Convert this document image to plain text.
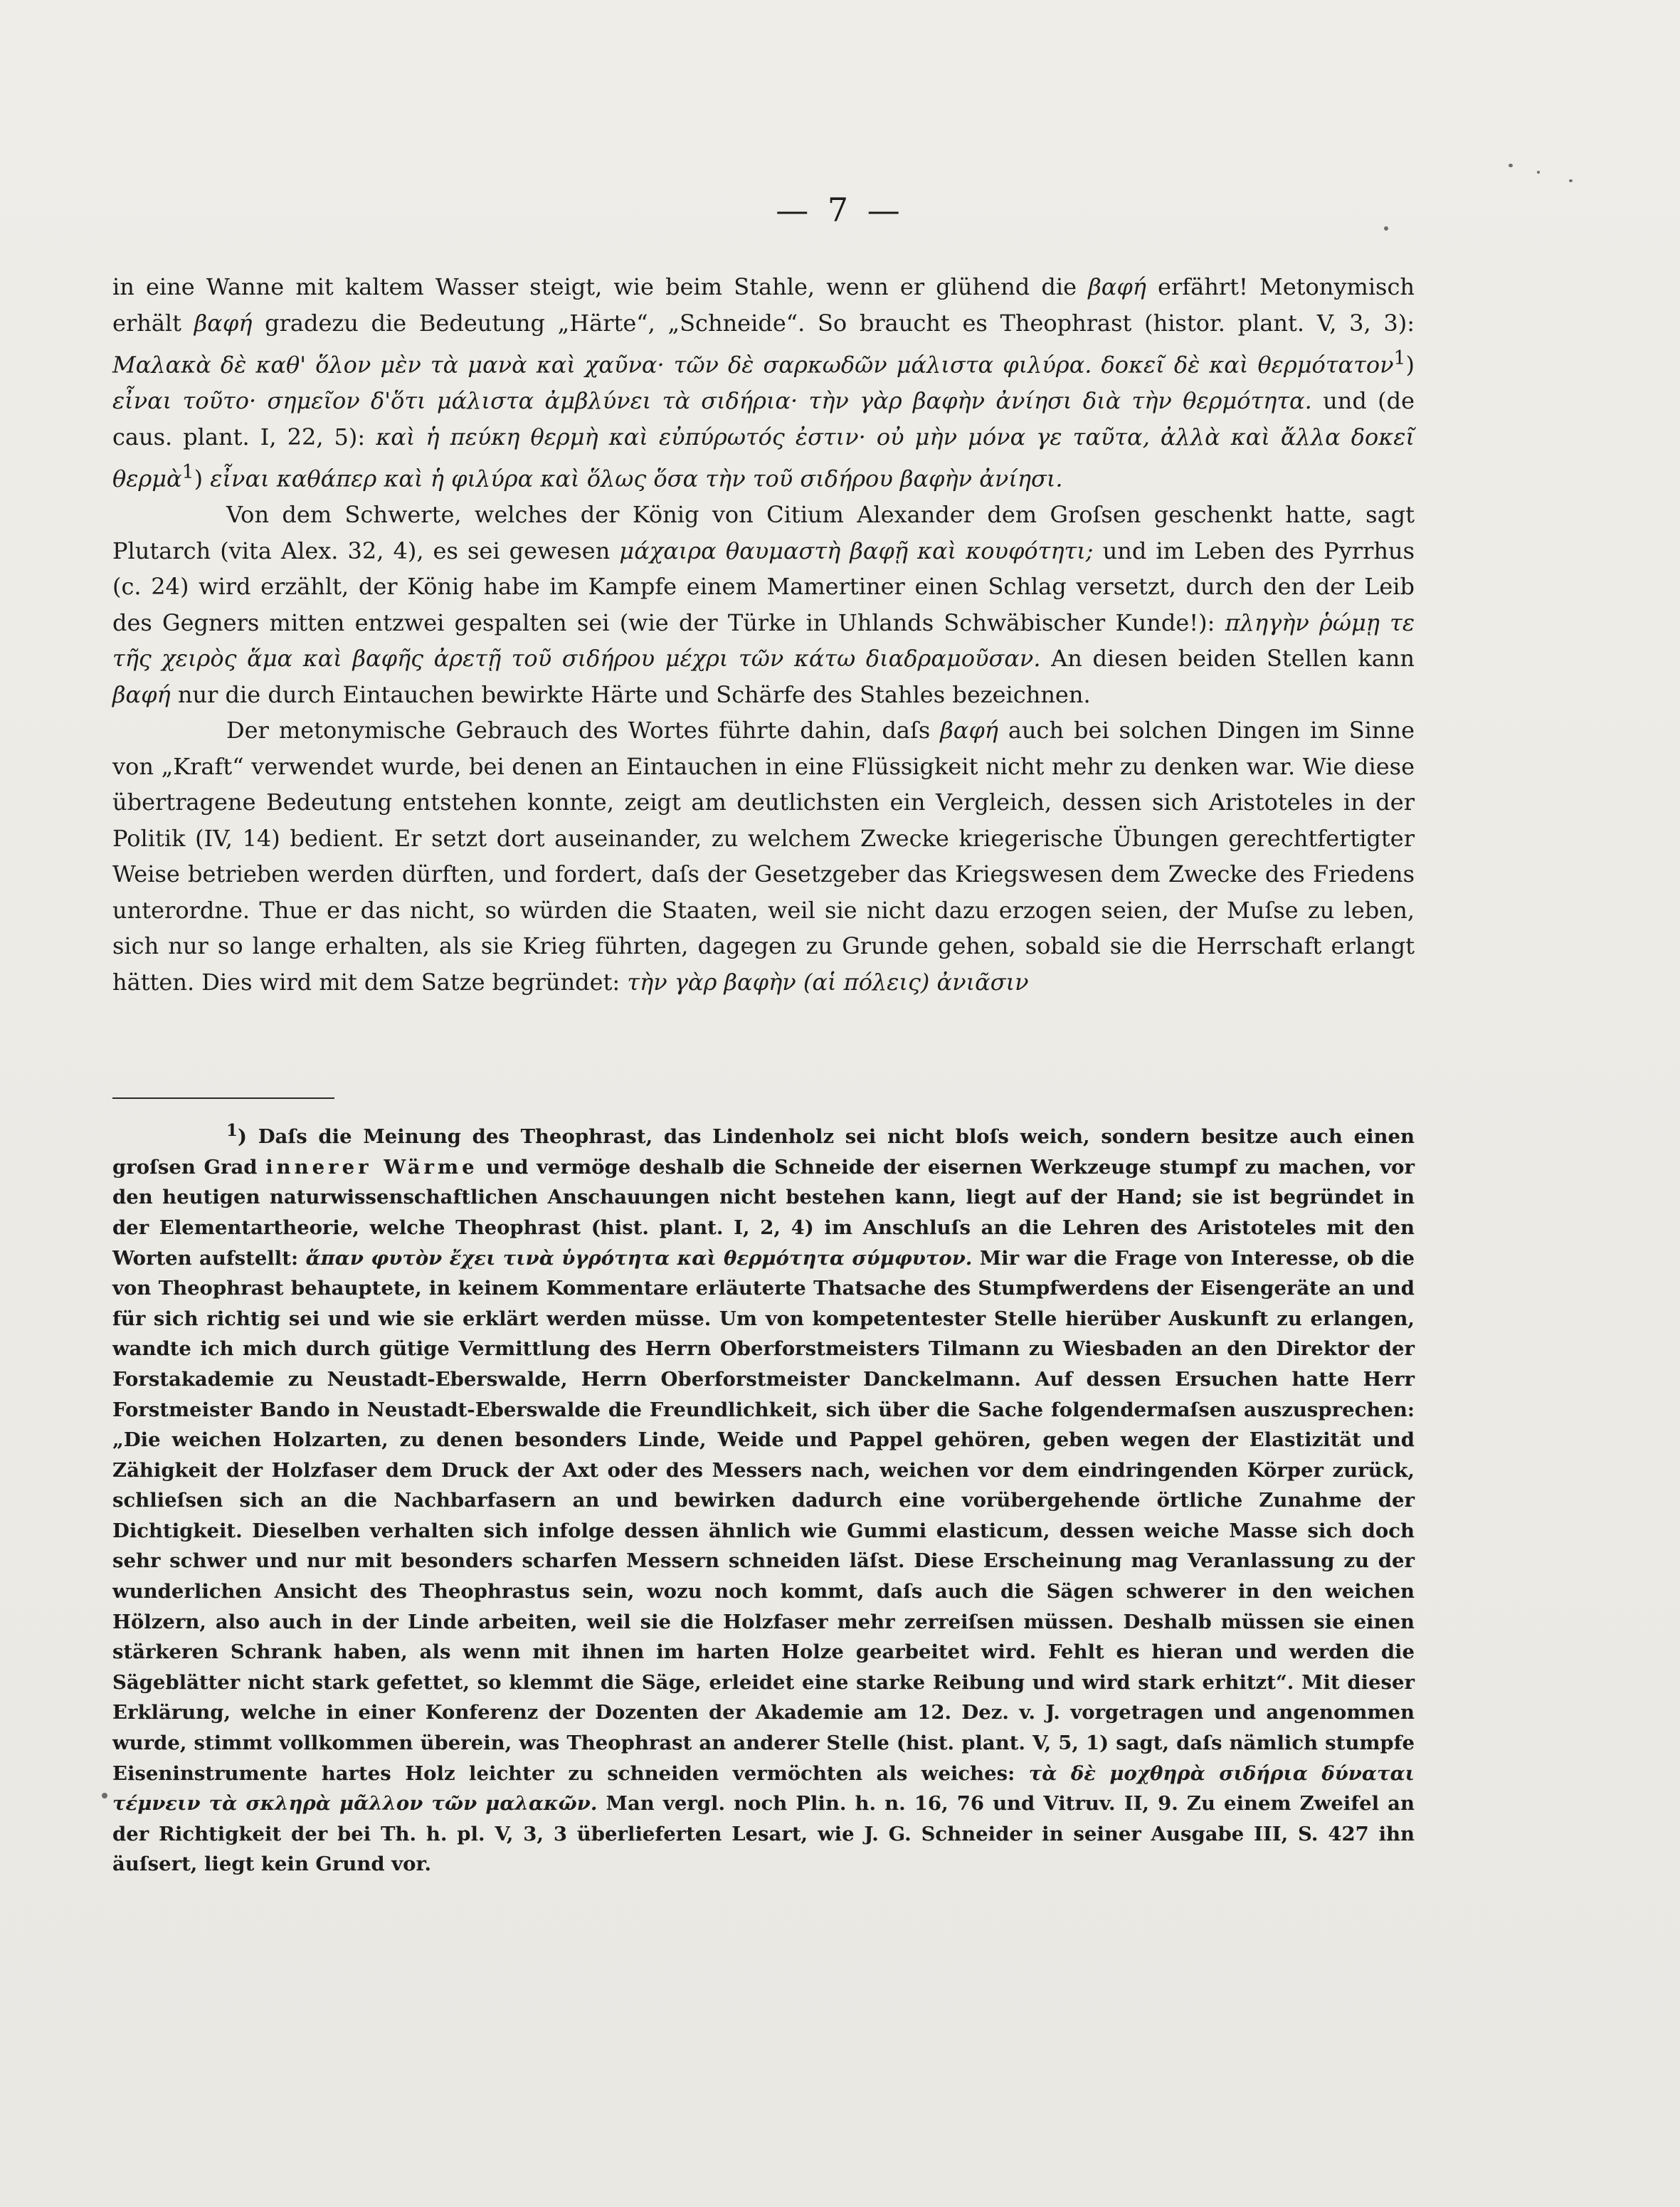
— 7 —

in eine Wanne mit kaltem Wasser steigt, wie beim Stahle, wenn er glühend die βαφή erfährt! Metonymisch erhält βαφή gradezu die Bedeutung „Härte“, „Schneide“. So braucht es Theophrast (histor. plant. V, 3, 3): Μαλακὰ δὲ καθ' ὅλον μὲν τὰ μανὰ καὶ χαῦνα· τῶν δὲ σαρκωδῶν μάλιστα φιλύρα. δοκεῖ δὲ καὶ θερμότατον$^1$) εἶναι τοῦτο· σημεῖον δ'ὅτι μάλιστα ἀμβλύνει τὰ σιδήρια· τὴν γὰρ βαφὴν ἀνίησι διὰ τὴν θερμότητα. und (de caus. plant. I, 22, 5): καὶ ἡ πεύκη θερμὴ καὶ εὐπύρωτός ἐστιν· οὐ μὴν μόνα γε ταῦτα, ἀλλὰ καὶ ἄλλα δοκεῖ θερμὰ$^1$) εἶναι καθάπερ καὶ ἡ φιλύρα καὶ ὅλως ὅσα τὴν τοῦ σιδήρου βαφὴν ἀνίησι.

Von dem Schwerte, welches der König von Citium Alexander dem Groſsen geschenkt hatte, sagt Plutarch (vita Alex. 32, 4), es sei gewesen μάχαιρα θαυμαστὴ βαφῇ καὶ κουφότητι; und im Leben des Pyrrhus (c. 24) wird erzählt, der König habe im Kampfe einem Mamertiner einen Schlag versetzt, durch den der Leib des Gegners mitten entzwei gespalten sei (wie der Türke in Uhlands Schwäbischer Kunde!): πληγὴν ῥώμῃ τε τῆς χειρὸς ἅμα καὶ βαφῆς ἀρετῇ τοῦ σιδήρου μέχρι τῶν κάτω διαδραμοῦσαν. An diesen beiden Stellen kann βαφή nur die durch Eintauchen bewirkte Härte und Schärfe des Stahles bezeichnen.

Der metonymische Gebrauch des Wortes führte dahin, daſs βαφή auch bei solchen Dingen im Sinne von „Kraft“ verwendet wurde, bei denen an Eintauchen in eine Flüssigkeit nicht mehr zu denken war. Wie diese übertragene Bedeutung entstehen konnte, zeigt am deutlichsten ein Vergleich, dessen sich Aristoteles in der Politik (IV, 14) bedient. Er setzt dort auseinander, zu welchem Zwecke kriegerische Übungen gerechtfertigter Weise betrieben werden dürften, und fordert, daſs der Gesetzgeber das Kriegswesen dem Zwecke des Friedens unterordne. Thue er das nicht, so würden die Staaten, weil sie nicht dazu erzogen seien, der Muſse zu leben, sich nur so lange erhalten, als sie Krieg führten, dagegen zu Grunde gehen, sobald sie die Herrschaft erlangt hätten. Dies wird mit dem Satze begründet: τὴν γὰρ βαφὴν (αἱ πόλεις) ἀνιᾶσιν

$^1$) Daſs die Meinung des Theophrast, das Lindenholz sei nicht bloſs weich, sondern besitze auch einen groſsen Grad innerer Wärme und vermöge deshalb die Schneide der eisernen Werkzeuge stumpf zu machen, vor den heutigen naturwissenschaftlichen Anschauungen nicht bestehen kann, liegt auf der Hand; sie ist begründet in der Elementartheorie, welche Theophrast (hist. plant. I, 2, 4) im Anschluſs an die Lehren des Aristoteles mit den Worten aufstellt: ἅπαν φυτὸν ἔχει τινὰ ὑγρότητα καὶ θερμότητα σύμφυτον. Mir war die Frage von Interesse, ob die von Theophrast behauptete, in keinem Kommentare erläuterte Thatsache des Stumpfwerdens der Eisengeräte an und für sich richtig sei und wie sie erklärt werden müsse. Um von kompetentester Stelle hierüber Auskunft zu erlangen, wandte ich mich durch gütige Vermittlung des Herrn Oberforstmeisters Tilmann zu Wiesbaden an den Direktor der Forstakademie zu Neustadt-Eberswalde, Herrn Oberforstmeister Danckelmann. Auf dessen Ersuchen hatte Herr Forstmeister Bando in Neustadt-Eberswalde die Freundlichkeit, sich über die Sache folgendermaſsen auszusprechen: „Die weichen Holzarten, zu denen besonders Linde, Weide und Pappel gehören, geben wegen der Elastizität und Zähigkeit der Holzfaser dem Druck der Axt oder des Messers nach, weichen vor dem eindringenden Körper zurück, schlieſsen sich an die Nachbarfasern an und bewirken dadurch eine vorübergehende örtliche Zunahme der Dichtigkeit. Dieselben verhalten sich infolge dessen ähnlich wie Gummi elasticum, dessen weiche Masse sich doch sehr schwer und nur mit besonders scharfen Messern schneiden läſst. Diese Erscheinung mag Veranlassung zu der wunderlichen Ansicht des Theophrastus sein, wozu noch kommt, daſs auch die Sägen schwerer in den weichen Hölzern, also auch in der Linde arbeiten, weil sie die Holzfaser mehr zerreiſsen müssen. Deshalb müssen sie einen stärkeren Schrank haben, als wenn mit ihnen im harten Holze gearbeitet wird. Fehlt es hieran und werden die Sägeblätter nicht stark gefettet, so klemmt die Säge, erleidet eine starke Reibung und wird stark erhitzt“. Mit dieser Erklärung, welche in einer Konferenz der Dozenten der Akademie am 12. Dez. v. J. vorgetragen und angenommen wurde, stimmt vollkommen überein, was Theophrast an anderer Stelle (hist. plant. V, 5, 1) sagt, daſs nämlich stumpfe Eiseninstrumente hartes Holz leichter zu schneiden vermöchten als weiches: τὰ δὲ μοχθηρὰ σιδήρια δύναται τέμνειν τὰ σκληρὰ μᾶλλον τῶν μαλακῶν. Man vergl. noch Plin. h. n. 16, 76 und Vitruv. II, 9. Zu einem Zweifel an der Richtigkeit der bei Th. h. pl. V, 3, 3 überlieferten Lesart, wie J. G. Schneider in seiner Ausgabe III, S. 427 ihn äuſsert, liegt kein Grund vor.
